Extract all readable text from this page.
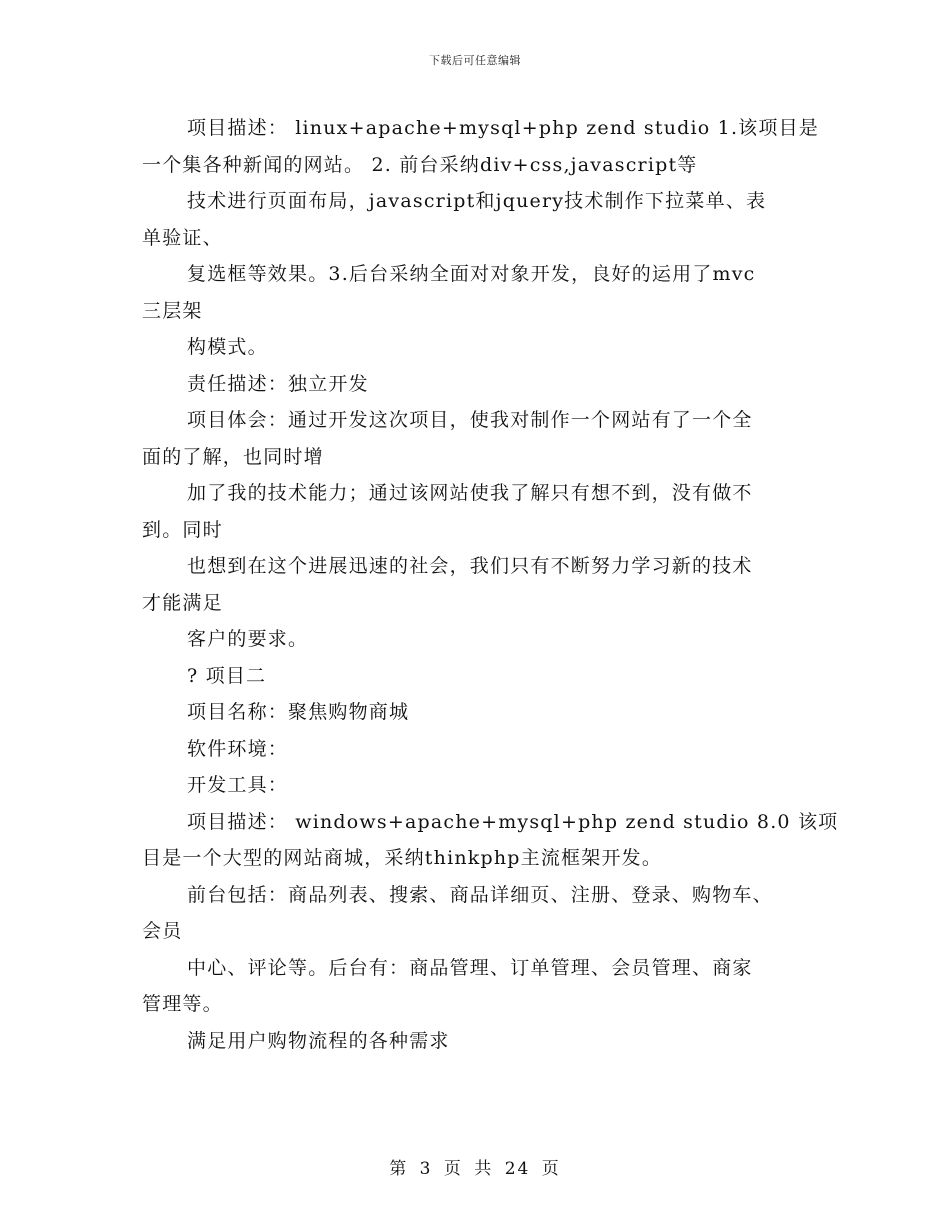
下载后可任意编辑

项目描述： linux+apache+mysql+php zend studio 1.该项目是

一个集各种新闻的网站。 2. 前台采纳div+css,javascript等

技术进行页面布局，javascript和jquery技术制作下拉菜单、表

单验证、

复选框等效果。3.后台采纳全面对对象开发，良好的运用了mvc

三层架

构模式。

责任描述：独立开发

项目体会：通过开发这次项目，使我对制作一个网站有了一个全

面的了解，也同时增

加了我的技术能力；通过该网站使我了解只有想不到，没有做不

到。同时

也想到在这个进展迅速的社会，我们只有不断努力学习新的技术

才能满足

客户的要求。

? 项目二

项目名称：聚焦购物商城

软件环境：

开发工具：

项目描述： windows+apache+mysql+php zend studio 8.0 该项

目是一个大型的网站商城，采纳thinkphp主流框架开发。

前台包括：商品列表、搜索、商品详细页、注册、登录、购物车、

会员

中心、评论等。后台有：商品管理、订单管理、会员管理、商家

管理等。

满足用户购物流程的各种需求

第 3 页 共 24 页
